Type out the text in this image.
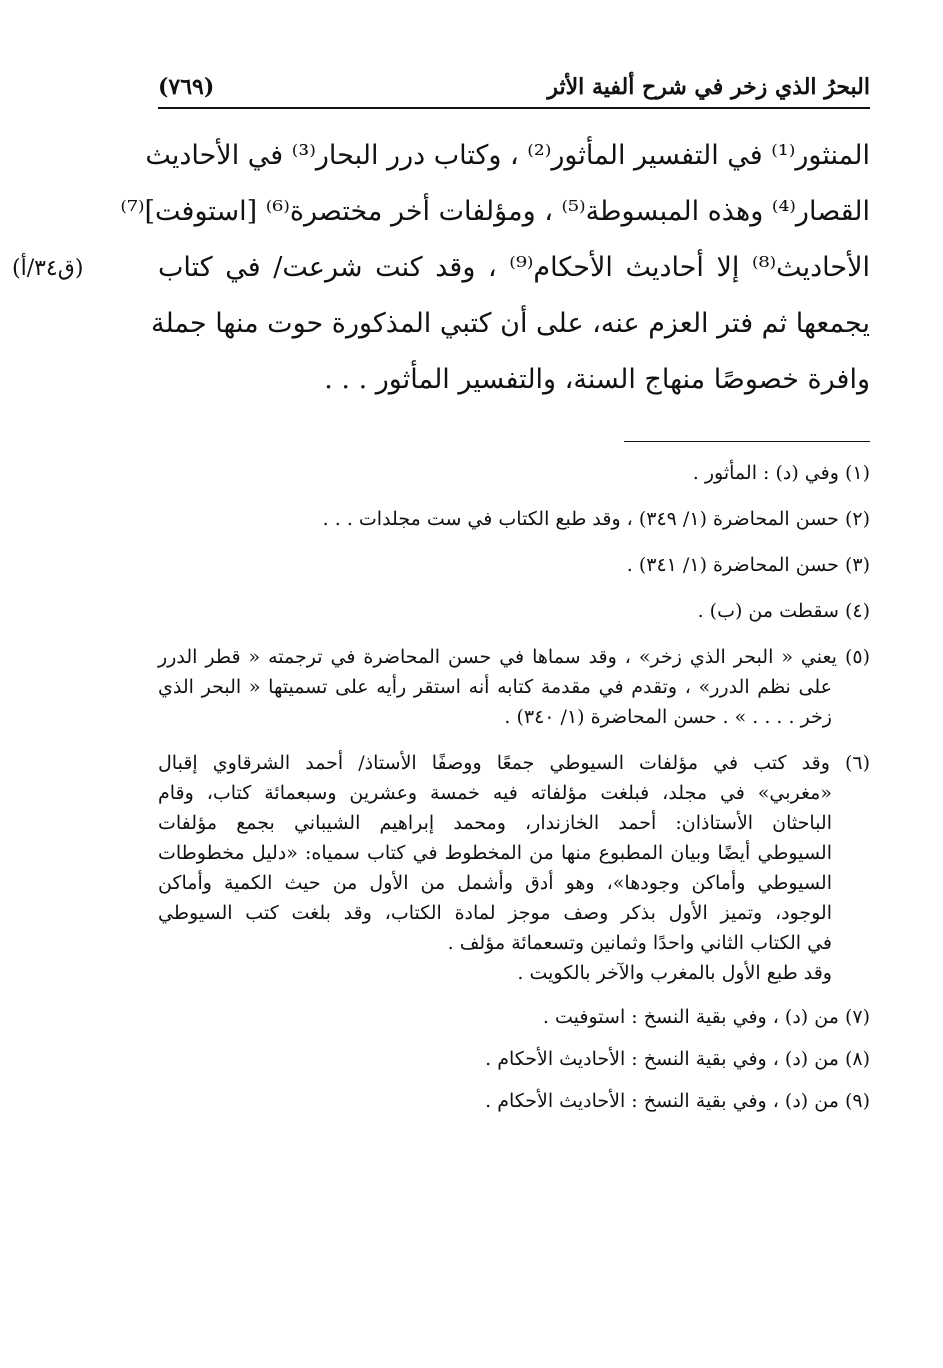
البحرُ الذي زخر في شرح ألفية الأثر
(٧٦٩)
(ق٣٤/أ)
المنثور⁽¹⁾ في التفسير المأثور⁽²⁾ ، وكتاب درر البحار⁽³⁾ في الأحاديث
القصار⁽⁴⁾ وهذه المبسوطة⁽⁵⁾ ، ومؤلفات أخر مختصرة⁽⁶⁾ [استوفت]⁽⁷⁾
الأحاديث⁽⁸⁾ إلا أحاديث الأحكام⁽⁹⁾ ، وقد كنت شرعت/ في كتاب
يجمعها ثم فتر العزم عنه، على أن كتبي المذكورة حوت منها جملة
وافرة خصوصًا منهاج السنة، والتفسير المأثور . . .
(١) وفي (د) : المأثور .
(٢) حسن المحاضرة (١/ ٣٤٩) ، وقد طبع الكتاب في ست مجلدات . . .
(٣) حسن المحاضرة (١/ ٣٤١) .
(٤) سقطت من (ب) .
(٥) يعني « البحر الذي زخر» ، وقد سماها في حسن المحاضرة في ترجمته « قطر الدرر
على نظم الدرر» ، وتقدم في مقدمة كتابه أنه استقر رأيه على تسميتها « البحر الذي
زخر . . . . » . حسن المحاضرة (١/ ٣٤٠) .
(٦) وقد كتب في مؤلفات السيوطي جمعًا ووصفًا الأستاذ/ أحمد الشرقاوي إقبال
«مغربي» في مجلد، فبلغت مؤلفاته فيه خمسة وعشرين وسبعمائة كتاب، وقام
الباحثان الأستاذان: أحمد الخازندار، ومحمد إبراهيم الشيباني بجمع مؤلفات
السيوطي أيضًا وبيان المطبوع منها من المخطوط في كتاب سمياه: «دليل مخطوطات
السيوطي وأماكن وجودها»، وهو أدق وأشمل من الأول من حيث الكمية وأماكن
الوجود، وتميز الأول بذكر وصف موجز لمادة الكتاب، وقد بلغت كتب السيوطي
في الكتاب الثاني واحدًا وثمانين وتسعمائة مؤلف .
وقد طبع الأول بالمغرب والآخر بالكويت .
(٧) من (د) ، وفي بقية النسخ : استوفيت .
(٨) من (د) ، وفي بقية النسخ : الأحاديث الأحكام .
(٩) من (د) ، وفي بقية النسخ : الأحاديث الأحكام .
